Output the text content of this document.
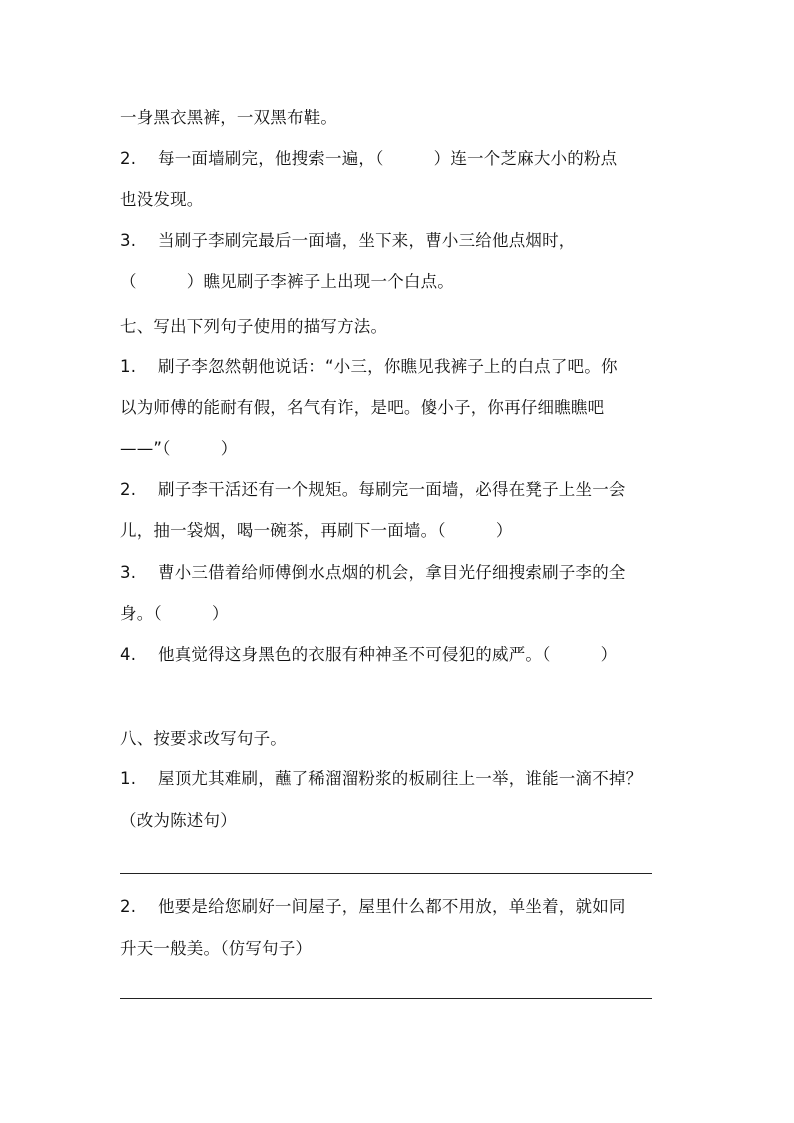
一身黑衣黑裤，一双黑布鞋。
2. 每一面墙刷完，他搜索一遍，（　　　）连一个芝麻大小的粉点
也没发现。
3. 当刷子李刷完最后一面墙，坐下来，曹小三给他点烟时，
（　　　）瞧见刷子李裤子上出现一个白点。
七、写出下列句子使用的描写方法。
1. 刷子李忽然朝他说话：“小三，你瞧见我裤子上的白点了吧。你
以为师傅的能耐有假，名气有诈，是吧。傻小子，你再仔细瞧瞧吧
——”（　　　）
2. 刷子李干活还有一个规矩。每刷完一面墙，必得在凳子上坐一会
儿，抽一袋烟，喝一碗茶，再刷下一面墙。（　　　）
3. 曹小三借着给师傅倒水点烟的机会，拿目光仔细搜索刷子李的全
身。（　　　）
4. 他真觉得这身黑色的衣服有种神圣不可侵犯的威严。（　　　）
八、按要求改写句子。
1. 屋顶尤其难刷，蘸了稀溜溜粉浆的板刷往上一举，谁能一滴不掉？
（改为陈述句）
2. 他要是给您刷好一间屋子，屋里什么都不用放，单坐着，就如同
升天一般美。（仿写句子）
